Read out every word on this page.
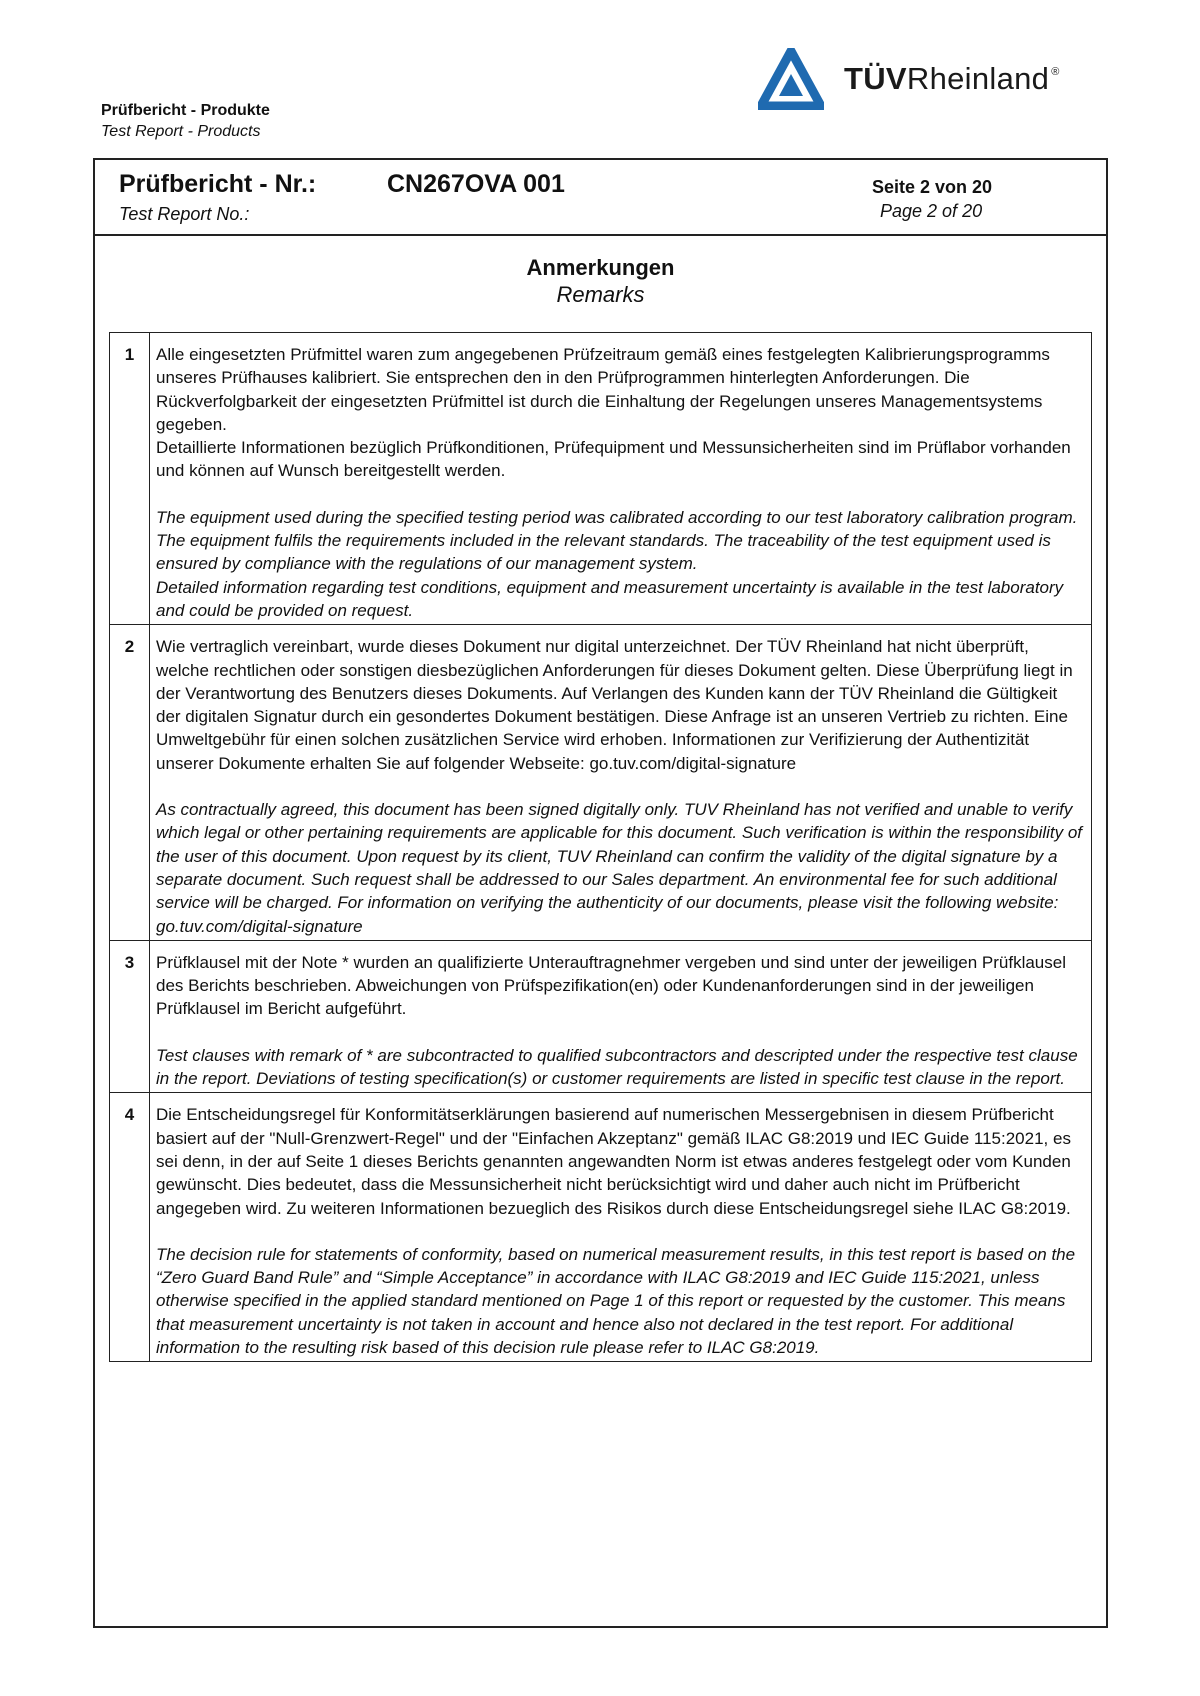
Prüfbericht - Produkte
Test Report - Products
TÜVRheinland ®
Prüfbericht - Nr.:
Test Report No.:
CN267OVA 001	Seite 2 von 20
Page 2 of 20
Anmerkungen
Remarks
1	Alle eingesetzten Prüfmittel waren zum angegebenen Prüfzeitraum gemäß eines festgelegten Kalibrierungsprogramms unseres Prüfhauses kalibriert. Sie entsprechen den in den Prüfprogrammen hinterlegten Anforderungen. Die Rückverfolgbarkeit der eingesetzten Prüfmittel ist durch die Einhaltung der Regelungen unseres Managementsystems gegeben.
Detaillierte Informationen bezüglich Prüfkonditionen, Prüfequipment und Messunsicherheiten sind im Prüflabor vorhanden und können auf Wunsch bereitgestellt werden.

The equipment used during the specified testing period was calibrated according to our test laboratory calibration program. The equipment fulfils the requirements included in the relevant standards. The traceability of the test equipment used is ensured by compliance with the regulations of our management system.
Detailed information regarding test conditions, equipment and measurement uncertainty is available in the test laboratory and could be provided on request.

2	Wie vertraglich vereinbart, wurde dieses Dokument nur digital unterzeichnet. Der TÜV Rheinland hat nicht überprüft, welche rechtlichen oder sonstigen diesbezüglichen Anforderungen für dieses Dokument gelten. Diese Überprüfung liegt in der Verantwortung des Benutzers dieses Dokuments. Auf Verlangen des Kunden kann der TÜV Rheinland die Gültigkeit der digitalen Signatur durch ein gesondertes Dokument bestätigen. Diese Anfrage ist an unseren Vertrieb zu richten. Eine Umweltgebühr für einen solchen zusätzlichen Service wird erhoben. Informationen zur Verifizierung der Authentizität unserer Dokumente erhalten Sie auf folgender Webseite: go.tuv.com/digital-signature

As contractually agreed, this document has been signed digitally only. TUV Rheinland has not verified and unable to verify which legal or other pertaining requirements are applicable for this document. Such verification is within the responsibility of the user of this document. Upon request by its client, TUV Rheinland can confirm the validity of the digital signature by a separate document. Such request shall be addressed to our Sales department. An environmental fee for such additional service will be charged. For information on verifying the authenticity of our documents, please visit the following website: go.tuv.com/digital-signature

3	Prüfklausel mit der Note * wurden an qualifizierte Unterauftragnehmer vergeben und sind unter der jeweiligen Prüfklausel des Berichts beschrieben. Abweichungen von Prüfspezifikation(en) oder Kundenanforderungen sind in der jeweiligen Prüfklausel im Bericht aufgeführt.

Test clauses with remark of * are subcontracted to qualified subcontractors and descripted under the respective test clause in the report. Deviations of testing specification(s) or customer requirements are listed in specific test clause in the report.

4	Die Entscheidungsregel für Konformitätserklärungen basierend auf numerischen Messergebnisen in diesem Prüfbericht basiert auf der "Null-Grenzwert-Regel" und der "Einfachen Akzeptanz" gemäß ILAC G8:2019 und IEC Guide 115:2021, es sei denn, in der auf Seite 1 dieses Berichts genannten angewandten Norm ist etwas anderes festgelegt oder vom Kunden gewünscht. Dies bedeutet, dass die Messunsicherheit nicht berücksichtigt wird und daher auch nicht im Prüfbericht angegeben wird. Zu weiteren Informationen bezueglich des Risikos durch diese Entscheidungsregel siehe ILAC G8:2019.

The decision rule for statements of conformity, based on numerical measurement results, in this test report is based on the “Zero Guard Band Rule” and “Simple Acceptance” in accordance with ILAC G8:2019 and IEC Guide 115:2021, unless otherwise specified in the applied standard mentioned on Page 1 of this report or requested by the customer. This means that measurement uncertainty is not taken in account and hence also not declared in the test report. For additional information to the resulting risk based of this decision rule please refer to ILAC G8:2019.
